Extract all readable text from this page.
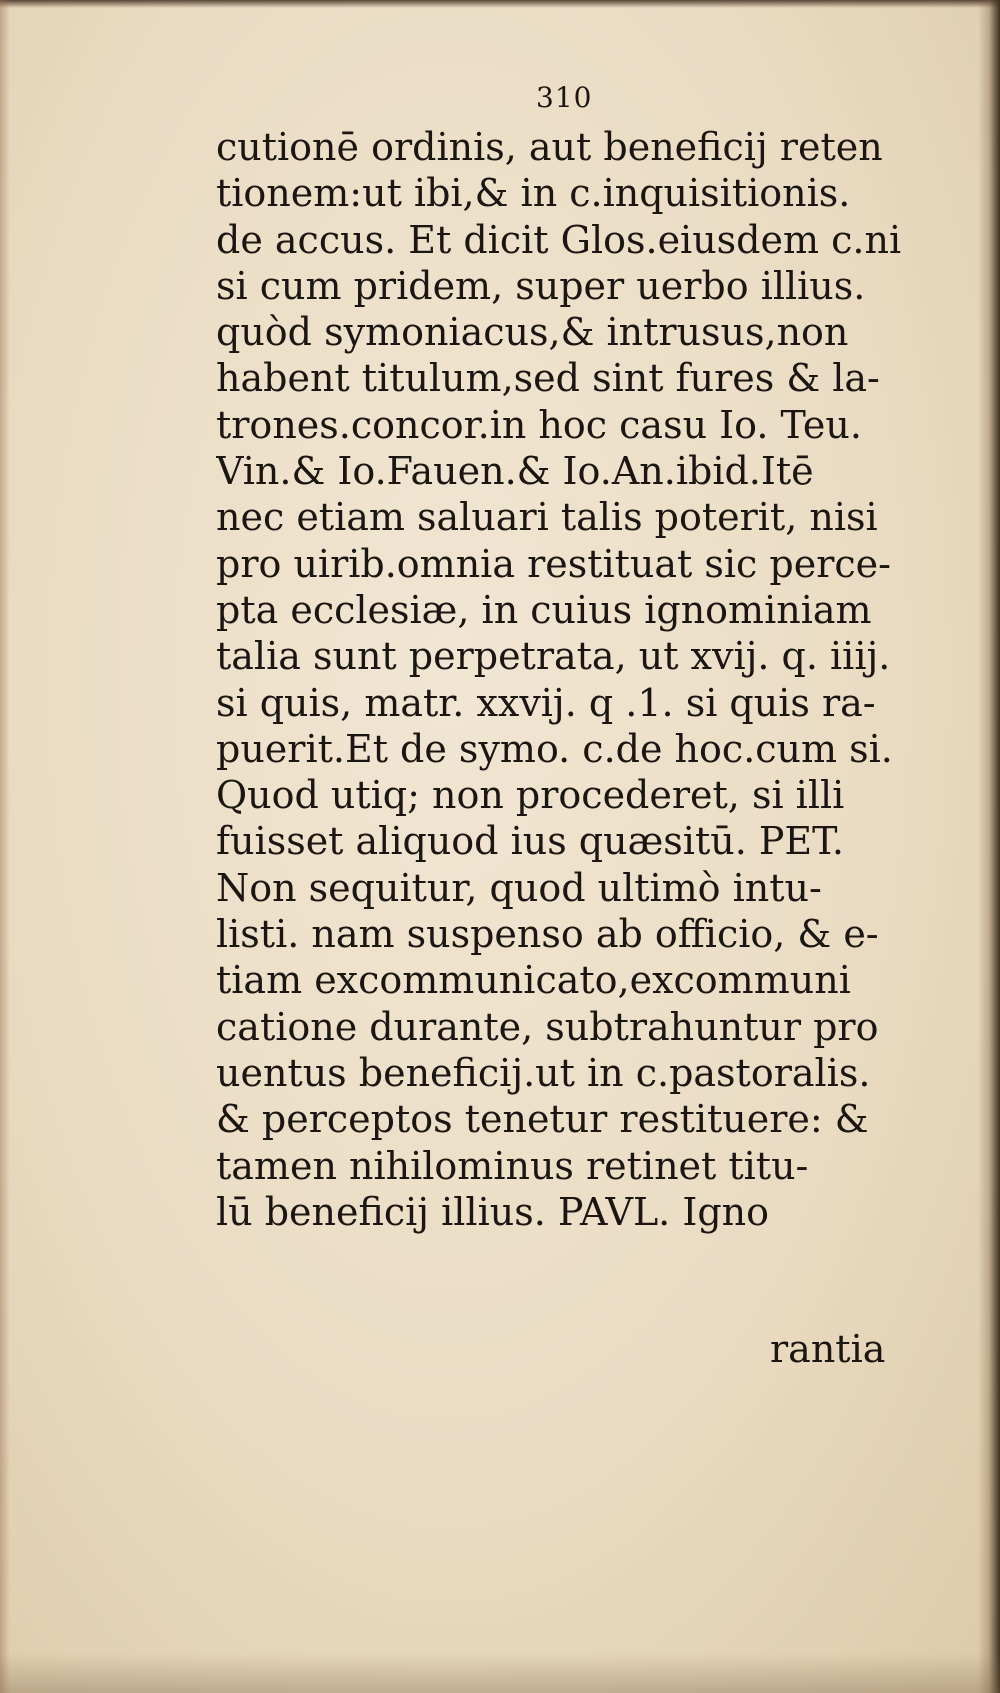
310
cutionē ordinis, aut beneficij reten
tionem:ut ibi,& in c.inquisitionis.
de accus. Et dicit Glos.eiusdem c.ni
si cum pridem, super uerbo illius.
quòd symoniacus,& intrusus,non
habent titulum,sed sint fures & la-
trones.concor.in hoc casu Io. Teu.
Vin.& Io.Fauen.& Io.An.ibid.Itē
nec etiam saluari talis poterit, nisi
pro uirib.omnia restituat sic perce-
pta ecclesiæ, in cuius ignominiam
talia sunt perpetrata, ut xvij. q. iiij.
si quis, matr. xxvij. q .1. si quis ra-
puerit.Et de symo. c.de hoc.cum si.
Quod utiq; non procederet, si illi
fuisset aliquod ius quæsitū. PET.
Non sequitur, quod ultimò intu-
listi. nam suspenso ab officio, & e-
tiam excommunicato,excommuni
catione durante, subtrahuntur pro
uentus beneficij.ut in c.pastoralis.
& perceptos tenetur restituere: &
tamen nihilominus retinet titu-
lū beneficij illius. PAVL. Igno
rantia
